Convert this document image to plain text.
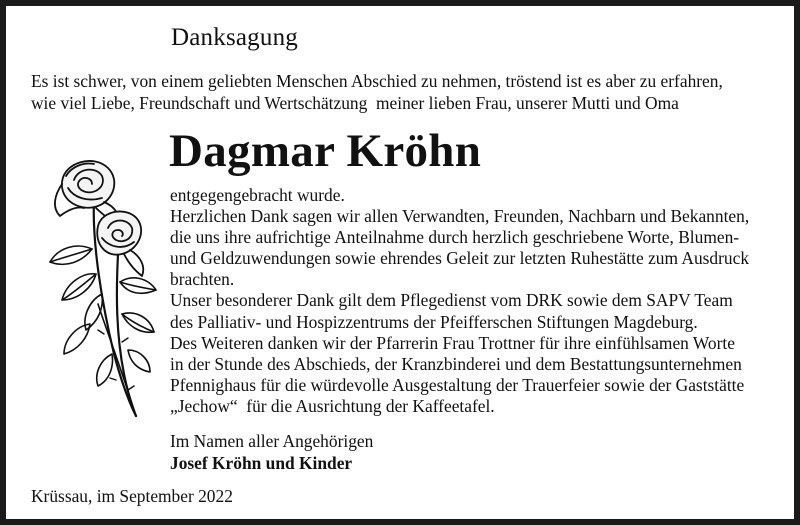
Danksagung
Es ist schwer, von einem geliebten Menschen Abschied zu nehmen, tröstend ist es aber zu erfahren,
wie viel Liebe, Freundschaft und Wertschätzung  meiner lieben Frau, unserer Mutti und Oma
Dagmar Kröhn
entgegengebracht wurde.
Herzlichen Dank sagen wir allen Verwandten, Freunden, Nachbarn und Bekannten,
die uns ihre aufrichtige Anteilnahme durch herzlich geschriebene Worte, Blumen-
und Geldzuwendungen sowie ehrendes Geleit zur letzten Ruhestätte zum Ausdruck
brachten.
Unser besonderer Dank gilt dem Pflegedienst vom DRK sowie dem SAPV Team
des Palliativ- und Hospizzentrums der Pfeifferschen Stiftungen Magdeburg.
Des Weiteren danken wir der Pfarrerin Frau Trottner für ihre einfühlsamen Worte
in der Stunde des Abschieds, der Kranzbinderei und dem Bestattungsunternehmen
Pfennighaus für die würdevolle Ausgestaltung der Trauerfeier sowie der Gaststätte
„Jechow“  für die Ausrichtung der Kaffeetafel.
Im Namen aller Angehörigen
Josef Kröhn und Kinder
Krüssau, im September 2022
